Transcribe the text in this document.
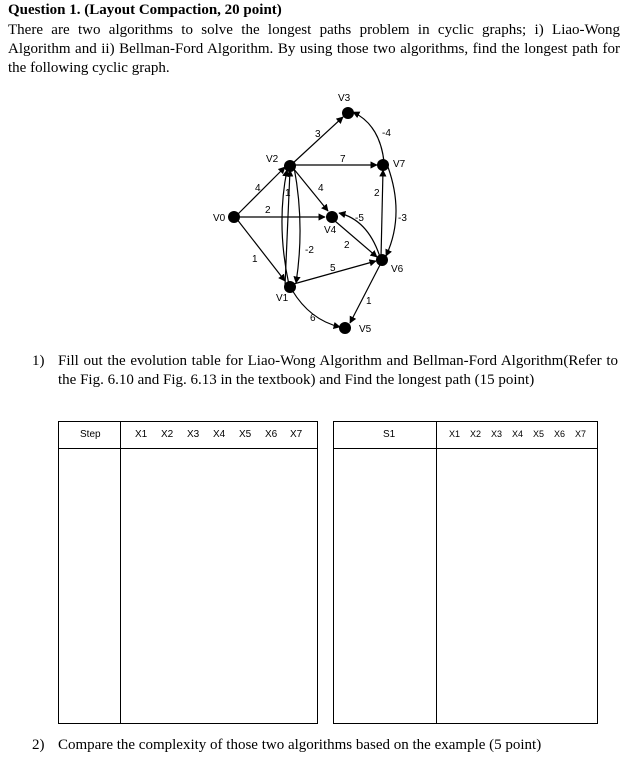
Question 1. (Layout Compaction, 20 point)

There are two algorithms to solve the longest paths problem in cyclic graphs; i) Liao-Wong Algorithm and ii) Bellman-Ford Algorithm. By using those two algorithms, find the longest path for the following cyclic graph.

V0
V1
V2
V3
V4
V5
V6
V7
4
2
1
1
-2
3
7
4
-4
2
-3
-5
2
5
6
1
1) Fill out the evolution table for Liao-Wong Algorithm and Bellman-Ford Algorithm(Refer to the Fig. 6.10 and Fig. 6.13 in the textbook) and Find the longest path (15 point)
Step	X1 X2 X3 X4 X5 X6 X7	S1	X1 X2 X3 X4 X5 X6 X7
2) Compare the complexity of those two algorithms based on the example (5 point)
